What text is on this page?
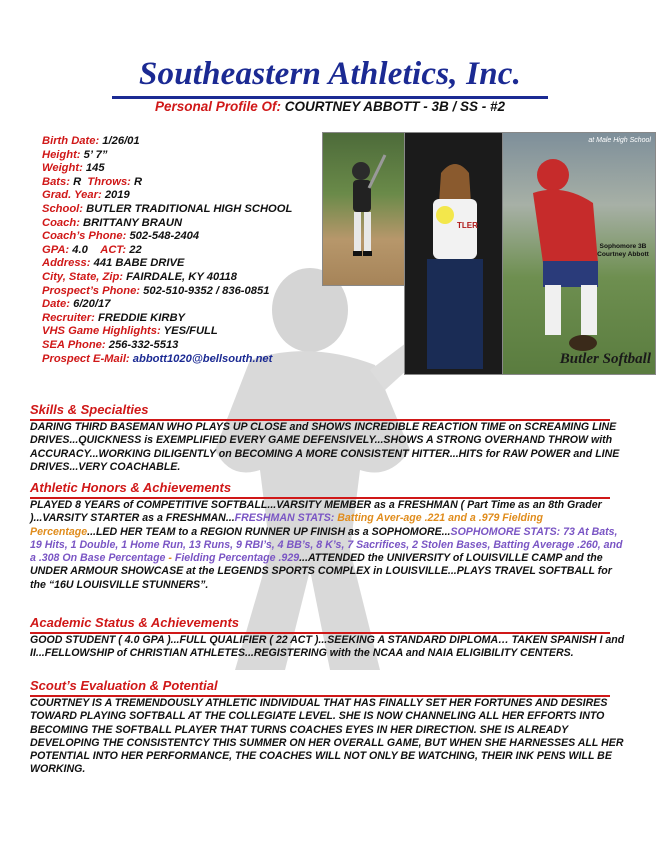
Southeastern Athletics, Inc.
Personal Profile Of: COURTNEY ABBOTT - 3B / SS - #2
Birth Date: 1/26/01
Height: 5’ 7”
Weight: 145
Bats: R Throws: R
Grad. Year: 2019
School: BUTLER TRADITIONAL HIGH SCHOOL
Coach: BRITTANY BRAUN
Coach’s Phone: 502-548-2404
GPA: 4.0 ACT: 22
Address: 441 BABE DRIVE
City, State, Zip: FAIRDALE, KY 40118
Prospect’s Phone: 502-510-9352 / 836-0851
Date: 6/20/17
Recruiter: FREDDIE KIRBY
VHS Game Highlights: YES/FULL
SEA Phone: 256-332-5513
Prospect E-Mail: abbott1020@bellsouth.net
TLER
at Male High School
Sophomore 3B Courtney Abbott
Butler Softball
Skills & Specialties
DARING THIRD BASEMAN WHO PLAYS UP CLOSE and SHOWS INCREDIBLE REACTION TIME on SCREAMING LINE DRIVES...QUICKNESS is EXEMPLIFIED EVERY GAME DEFENSIVELY...SHOWS A STRONG OVERHAND THROW with ACCURACY...WORKING DILIGENTLY on BECOMING A MORE CONSISTENT HITTER...HITS for RAW POWER and LINE DRIVES...VERY COACHABLE.
Athletic Honors & Achievements
PLAYED 8 YEARS of COMPETITIVE SOFTBALL...VARSITY MEMBER as a FRESHMAN ( Part Time as an 8th Grader )...VARSITY STARTER as a FRESHMAN...FRESHMAN STATS: Batting Aver-age .221 and a .979 Fielding Percentage...LED HER TEAM to a REGION RUNNER UP FINISH as a SOPHOMORE...SOPHOMORE STATS: 73 At Bats, 19 Hits, 1 Double, 1 Home Run, 13 Runs, 9 RBI’s, 4 BB’s, 8 K’s, 7 Sacrifices, 2 Stolen Bases, Batting Average .260, and a .308 On Base Percentage - Fielding Percentage .929...ATTENDED the UNIVERSITY of LOUISVILLE CAMP and the UNDER ARMOUR SHOWCASE at the LEGENDS SPORTS COMPLEX in LOUISVILLE...PLAYS TRAVEL SOFTBALL for the “16U LOUISVILLE STUNNERS”.
Academic Status & Achievements
GOOD STUDENT ( 4.0 GPA )...FULL QUALIFIER ( 22 ACT )...SEEKING A STANDARD DIPLOMA… TAKEN SPANISH I and II...FELLOWSHIP of CHRISTIAN ATHLETES...REGISTERING with the NCAA and NAIA ELIGIBILITY CENTERS.
Scout’s Evaluation & Potential
COURTNEY IS A TREMENDOUSLY ATHLETIC INDIVIDUAL THAT HAS FINALLY SET HER FORTUNES AND DESIRES TOWARD PLAYING SOFTBALL AT THE COLLEGIATE LEVEL. SHE IS NOW CHANNELING ALL HER EFFORTS INTO BECOMING THE SOFTBALL PLAYER THAT TURNS COACHES EYES IN HER DIRECTION. SHE IS ALREADY DEVELOPING THE CONSISTENTCY THIS SUMMER ON HER OVERALL GAME, BUT WHEN SHE HARNESSES ALL HER POTENTIAL INTO HER PERFORMANCE, THE COACHES WILL NOT ONLY BE WATCHING, THEIR INK PENS WILL BE WORKING.
